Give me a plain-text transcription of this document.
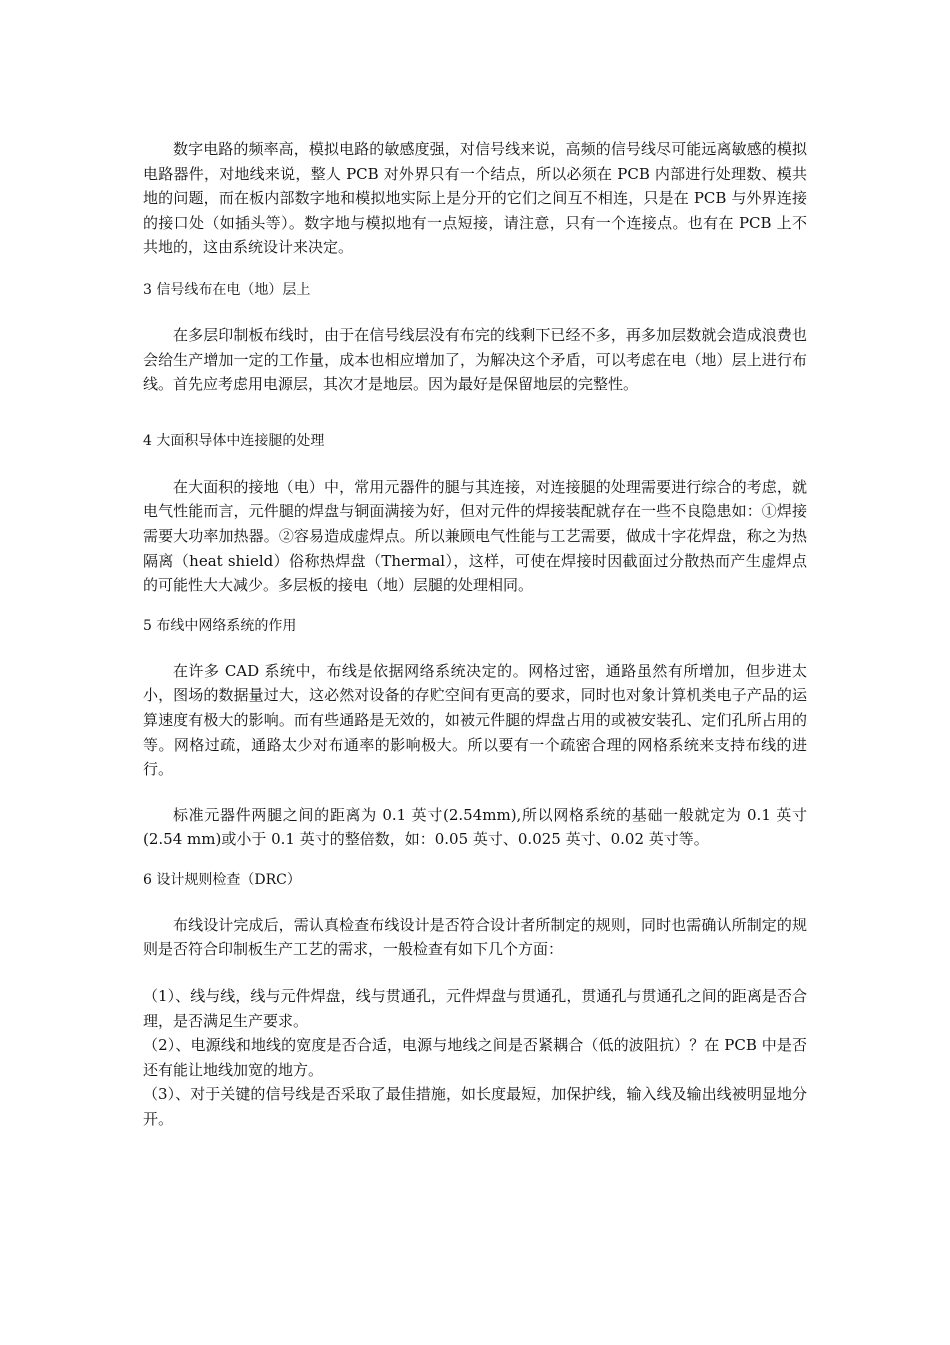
数字电路的频率高，模拟电路的敏感度强，对信号线来说，高频的信号线尽可能远离敏感的模拟电路器件，对地线来说，整人 PCB 对外界只有一个结点，所以必须在 PCB 内部进行处理数、模共地的问题，而在板内部数字地和模拟地实际上是分开的它们之间互不相连，只是在 PCB 与外界连接的接口处（如插头等）。数字地与模拟地有一点短接，请注意，只有一个连接点。也有在 PCB 上不共地的，这由系统设计来决定。

3 信号线布在电（地）层上

在多层印制板布线时，由于在信号线层没有布完的线剩下已经不多，再多加层数就会造成浪费也会给生产增加一定的工作量，成本也相应增加了，为解决这个矛盾，可以考虑在电（地）层上进行布线。首先应考虑用电源层，其次才是地层。因为最好是保留地层的完整性。

4 大面积导体中连接腿的处理

在大面积的接地（电）中，常用元器件的腿与其连接，对连接腿的处理需要进行综合的考虑，就电气性能而言，元件腿的焊盘与铜面满接为好，但对元件的焊接装配就存在一些不良隐患如：①焊接需要大功率加热器。②容易造成虚焊点。所以兼顾电气性能与工艺需要，做成十字花焊盘，称之为热隔离（heat shield）俗称热焊盘（Thermal），这样，可使在焊接时因截面过分散热而产生虚焊点的可能性大大减少。多层板的接电（地）层腿的处理相同。

5 布线中网络系统的作用

在许多 CAD 系统中，布线是依据网络系统决定的。网格过密，通路虽然有所增加，但步进太小，图场的数据量过大，这必然对设备的存贮空间有更高的要求，同时也对象计算机类电子产品的运算速度有极大的影响。而有些通路是无效的，如被元件腿的焊盘占用的或被安装孔、定们孔所占用的等。网格过疏，通路太少对布通率的影响极大。所以要有一个疏密合理的网格系统来支持布线的进行。

标准元器件两腿之间的距离为 0.1 英寸(2.54mm),所以网格系统的基础一般就定为 0.1 英寸(2.54 mm)或小于 0.1 英寸的整倍数，如：0.05 英寸、0.025 英寸、0.02 英寸等。

6 设计规则检查（DRC）

布线设计完成后，需认真检查布线设计是否符合设计者所制定的规则，同时也需确认所制定的规则是否符合印制板生产工艺的需求，一般检查有如下几个方面：

（1）、线与线，线与元件焊盘，线与贯通孔，元件焊盘与贯通孔，贯通孔与贯通孔之间的距离是否合理，是否满足生产要求。

（2）、电源线和地线的宽度是否合适，电源与地线之间是否紧耦合（低的波阻抗）？在 PCB 中是否还有能让地线加宽的地方。

（3）、对于关键的信号线是否采取了最佳措施，如长度最短，加保护线，输入线及输出线被明显地分开。
